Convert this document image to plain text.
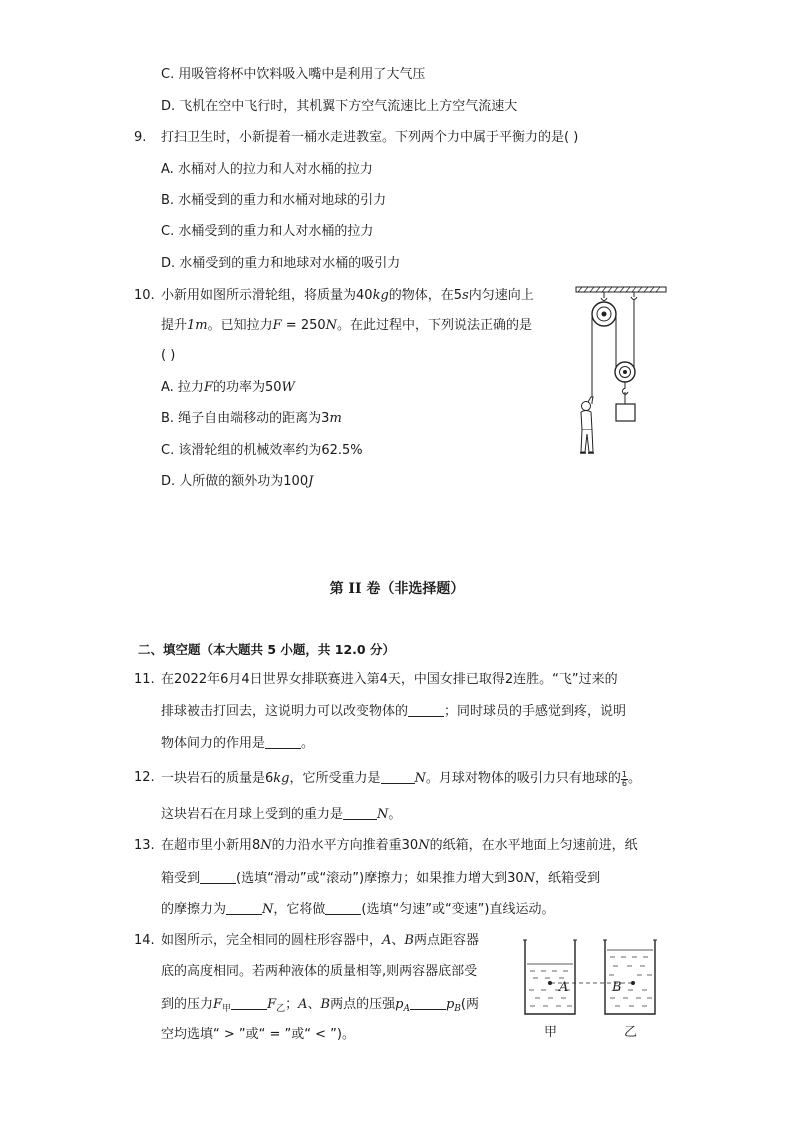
C. 用吸管将杯中饮料吸入嘴中是利用了大气压
D. 飞机在空中飞行时，其机翼下方空气流速比上方空气流速大
9. 打扫卫生时，小新提着一桶水走进教室。下列两个力中属于平衡力的是( )
A. 水桶对人的拉力和人对水桶的拉力
B. 水桶受到的重力和水桶对地球的引力
C. 水桶受到的重力和人对水桶的拉力
D. 水桶受到的重力和地球对水桶的吸引力
10. 小新用如图所示滑轮组，将质量为40kg的物体，在5s内匀速向上
提升1m。已知拉力F = 250N。在此过程中，下列说法正确的是
( )
A. 拉力F的功率为50W
B. 绳子自由端移动的距离为3m
C. 该滑轮组的机械效率约为62.5%
D. 人所做的额外功为100J
第 II 卷（非选择题）
二、填空题（本大题共 5 小题，共 12.0 分）
11. 在2022年6月4日世界女排联赛进入第4天，中国女排已取得2连胜。“飞”过来的
排球被击打回去，这说明力可以改变物体的	；同时球员的手感觉到疼，说明
物体间力的作用是	。
12. 一块岩石的质量是6kg，它所受重力是	N。月球对物体的吸引力只有地球的 $\frac{1}{6}$ 。
这块岩石在月球上受到的重力是	N。
13. 在超市里小新用8N的力沿水平方向推着重30N的纸箱，在水平地面上匀速前进，纸
箱受到	(选填“滑动”或“滚动”)摩擦力；如果推力增大到30N，纸箱受到
的摩擦力为	N，它将做	(选填“匀速”或“变速”)直线运动。
14. 如图所示，完全相同的圆柱形容器中，A、B两点距容器
底的高度相同。若两种液体的质量相等,则两容器底部受
到的压力$F_甲$	$F_乙$；A、B两点的压强$p_A$	$p_B$(两
空均选填“ > ”或“ = ”或“ < ”)。
A	B
甲	乙
